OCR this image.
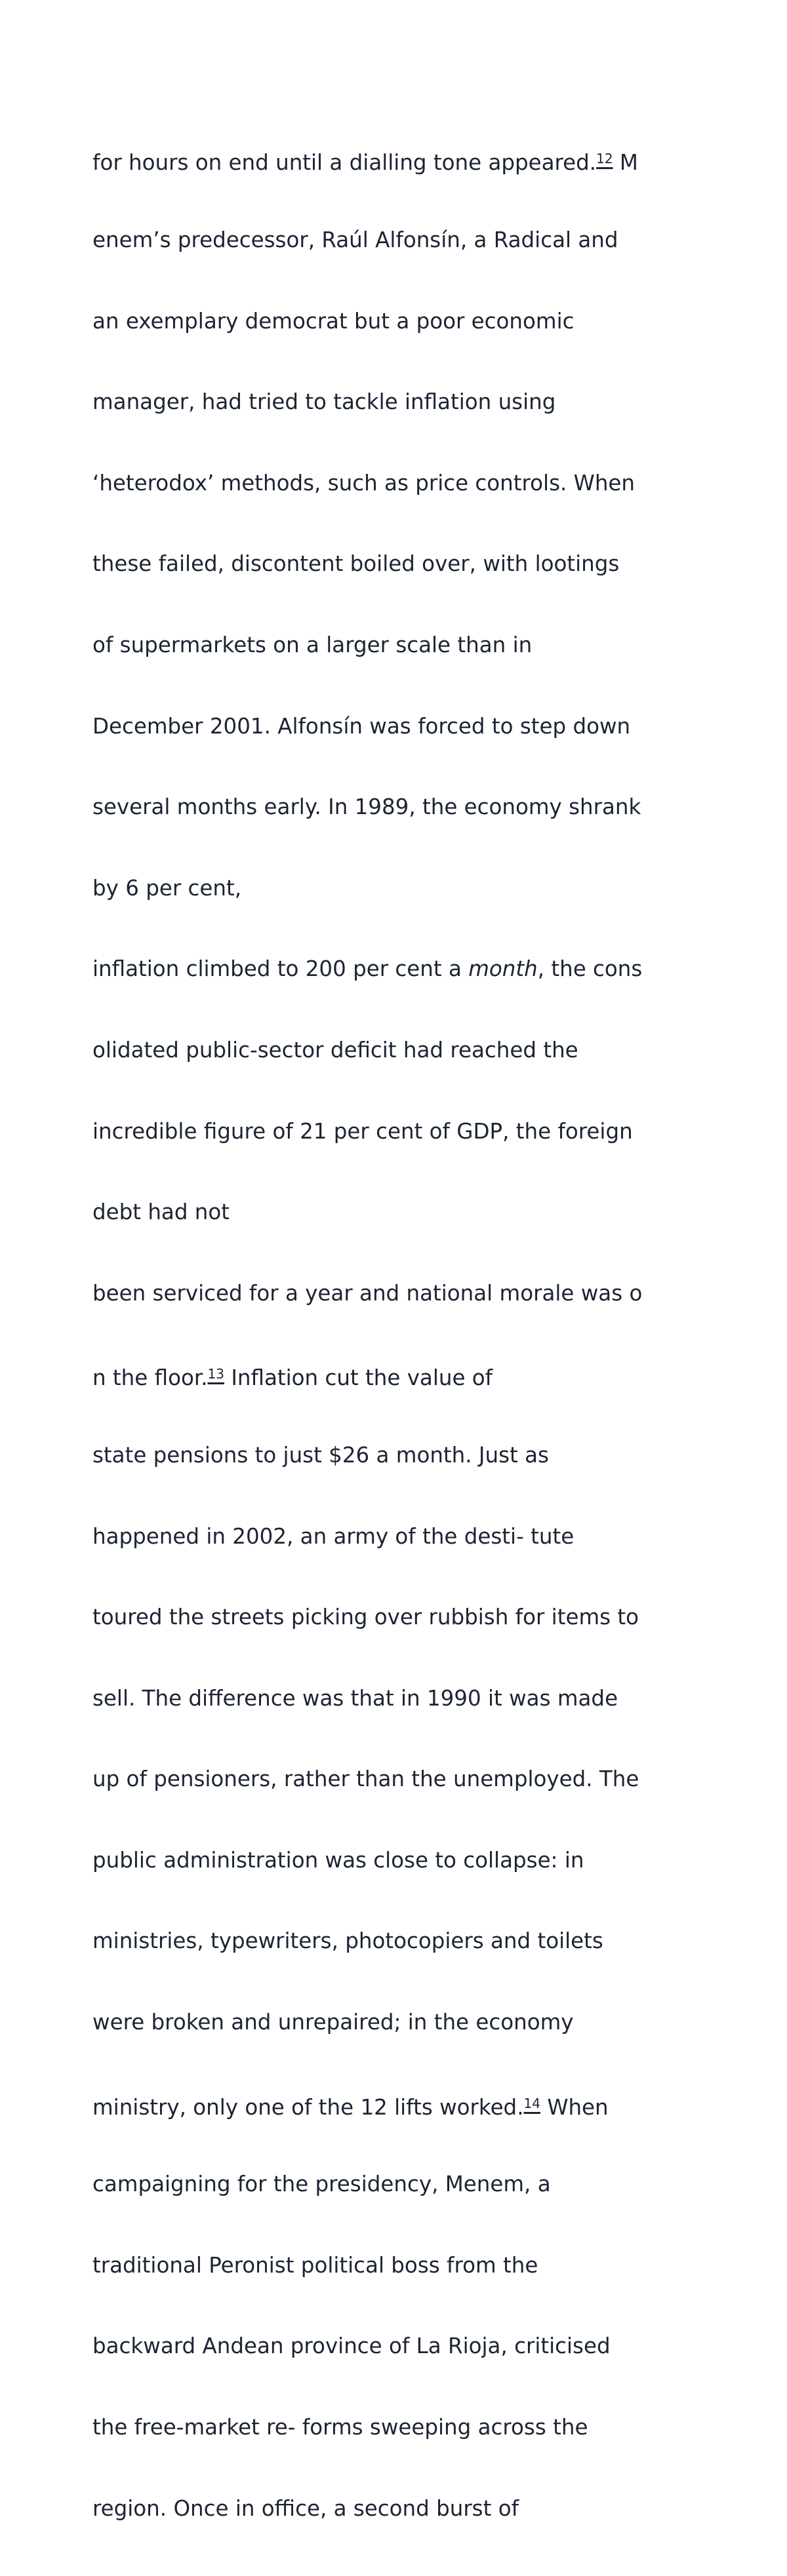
for hours on end until a dialling tone appeared.$^{12}$ M

enem’s predecessor, Raúl Alfonsín, a Radical and

an exemplary democrat but a poor economic

manager, had tried to tackle inflation using

‘heterodox’ methods, such as price controls. When

these failed, discontent boiled over, with lootings

of supermarkets on a larger scale than in

December 2001. Alfonsín was forced to step down

several months early. In 1989, the economy shrank

by 6 per cent,

inflation climbed to 200 per cent a month, the cons

olidated public-sector deficit had reached the

incredible figure of 21 per cent of GDP, the foreign

debt had not

been serviced for a year and national morale was o

n the floor.$^{13}$ Inflation cut the value of

state pensions to just $26 a month. Just as

happened in 2002, an army of the desti- tute

toured the streets picking over rubbish for items to

sell. The difference was that in 1990 it was made

up of pensioners, rather than the unemployed. The

public administration was close to collapse: in

ministries, typewriters, photocopiers and toilets

were broken and unrepaired; in the economy

ministry, only one of the 12 lifts worked.$^{14}$ When

campaigning for the presidency, Menem, a

traditional Peronist political boss from the

backward Andean province of La Rioja, criticised

the free-market re- forms sweeping across the

region. Once in office, a second burst of
